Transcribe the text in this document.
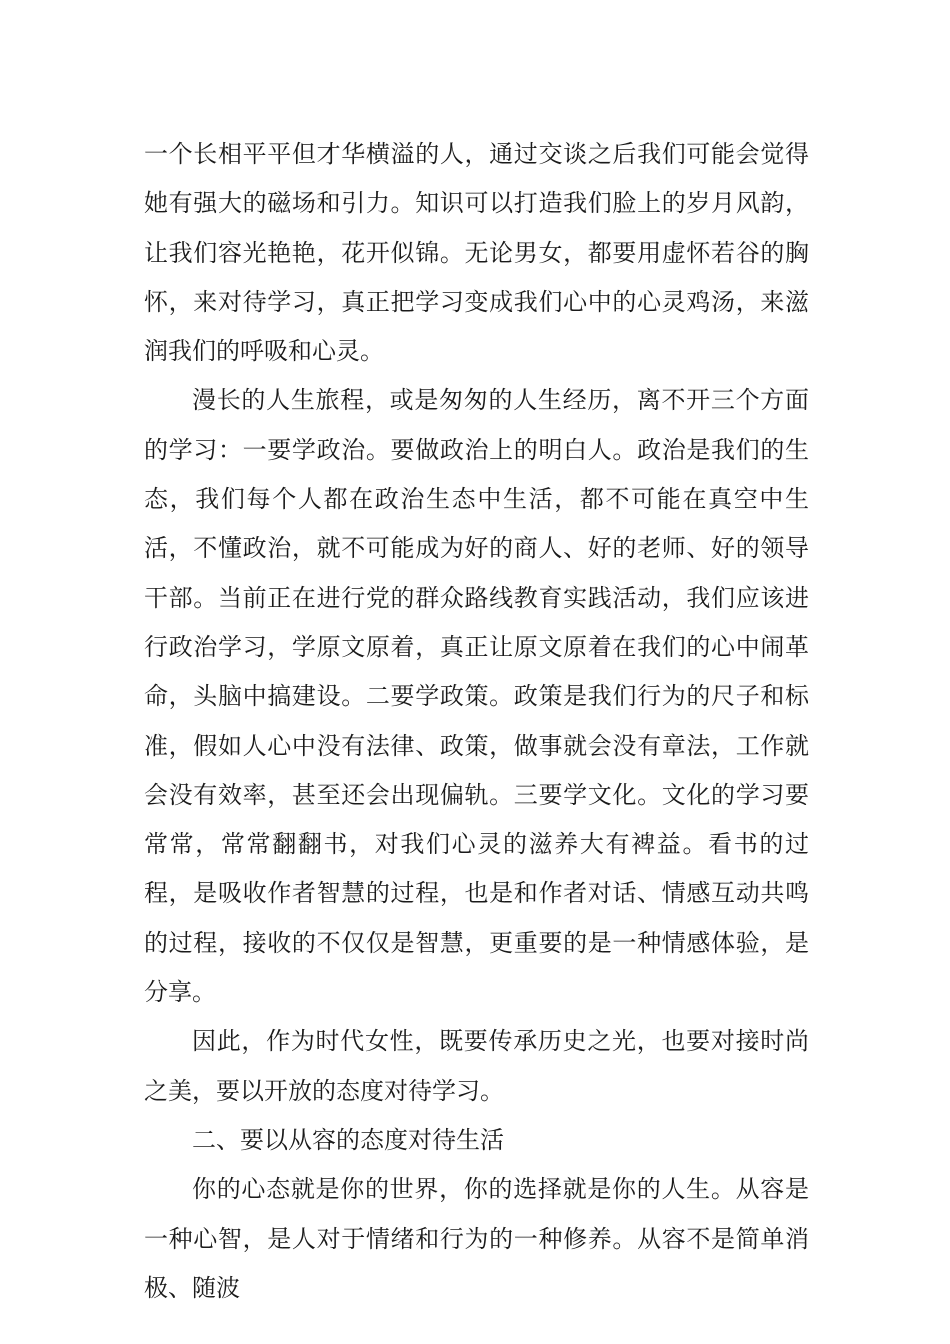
一个长相平平但才华横溢的人，通过交谈之后我们可能会觉得她有强大的磁场和引力。知识可以打造我们脸上的岁月风韵，让我们容光艳艳，花开似锦。无论男女，都要用虚怀若谷的胸怀，来对待学习，真正把学习变成我们心中的心灵鸡汤，来滋润我们的呼吸和心灵。

漫长的人生旅程，或是匆匆的人生经历，离不开三个方面的学习：一要学政治。要做政治上的明白人。政治是我们的生态，我们每个人都在政治生态中生活，都不可能在真空中生活，不懂政治，就不可能成为好的商人、好的老师、好的领导干部。当前正在进行党的群众路线教育实践活动，我们应该进行政治学习，学原文原着，真正让原文原着在我们的心中闹革命，头脑中搞建设。二要学政策。政策是我们行为的尺子和标准，假如人心中没有法律、政策，做事就会没有章法，工作就会没有效率，甚至还会出现偏轨。三要学文化。文化的学习要常常，常常翻翻书，对我们心灵的滋养大有裨益。看书的过程，是吸收作者智慧的过程，也是和作者对话、情感互动共鸣的过程，接收的不仅仅是智慧，更重要的是一种情感体验，是分享。

因此，作为时代女性，既要传承历史之光，也要对接时尚之美，要以开放的态度对待学习。

二、要以从容的态度对待生活

你的心态就是你的世界，你的选择就是你的人生。从容是一种心智，是人对于情绪和行为的一种修养。从容不是简单消极、随波
